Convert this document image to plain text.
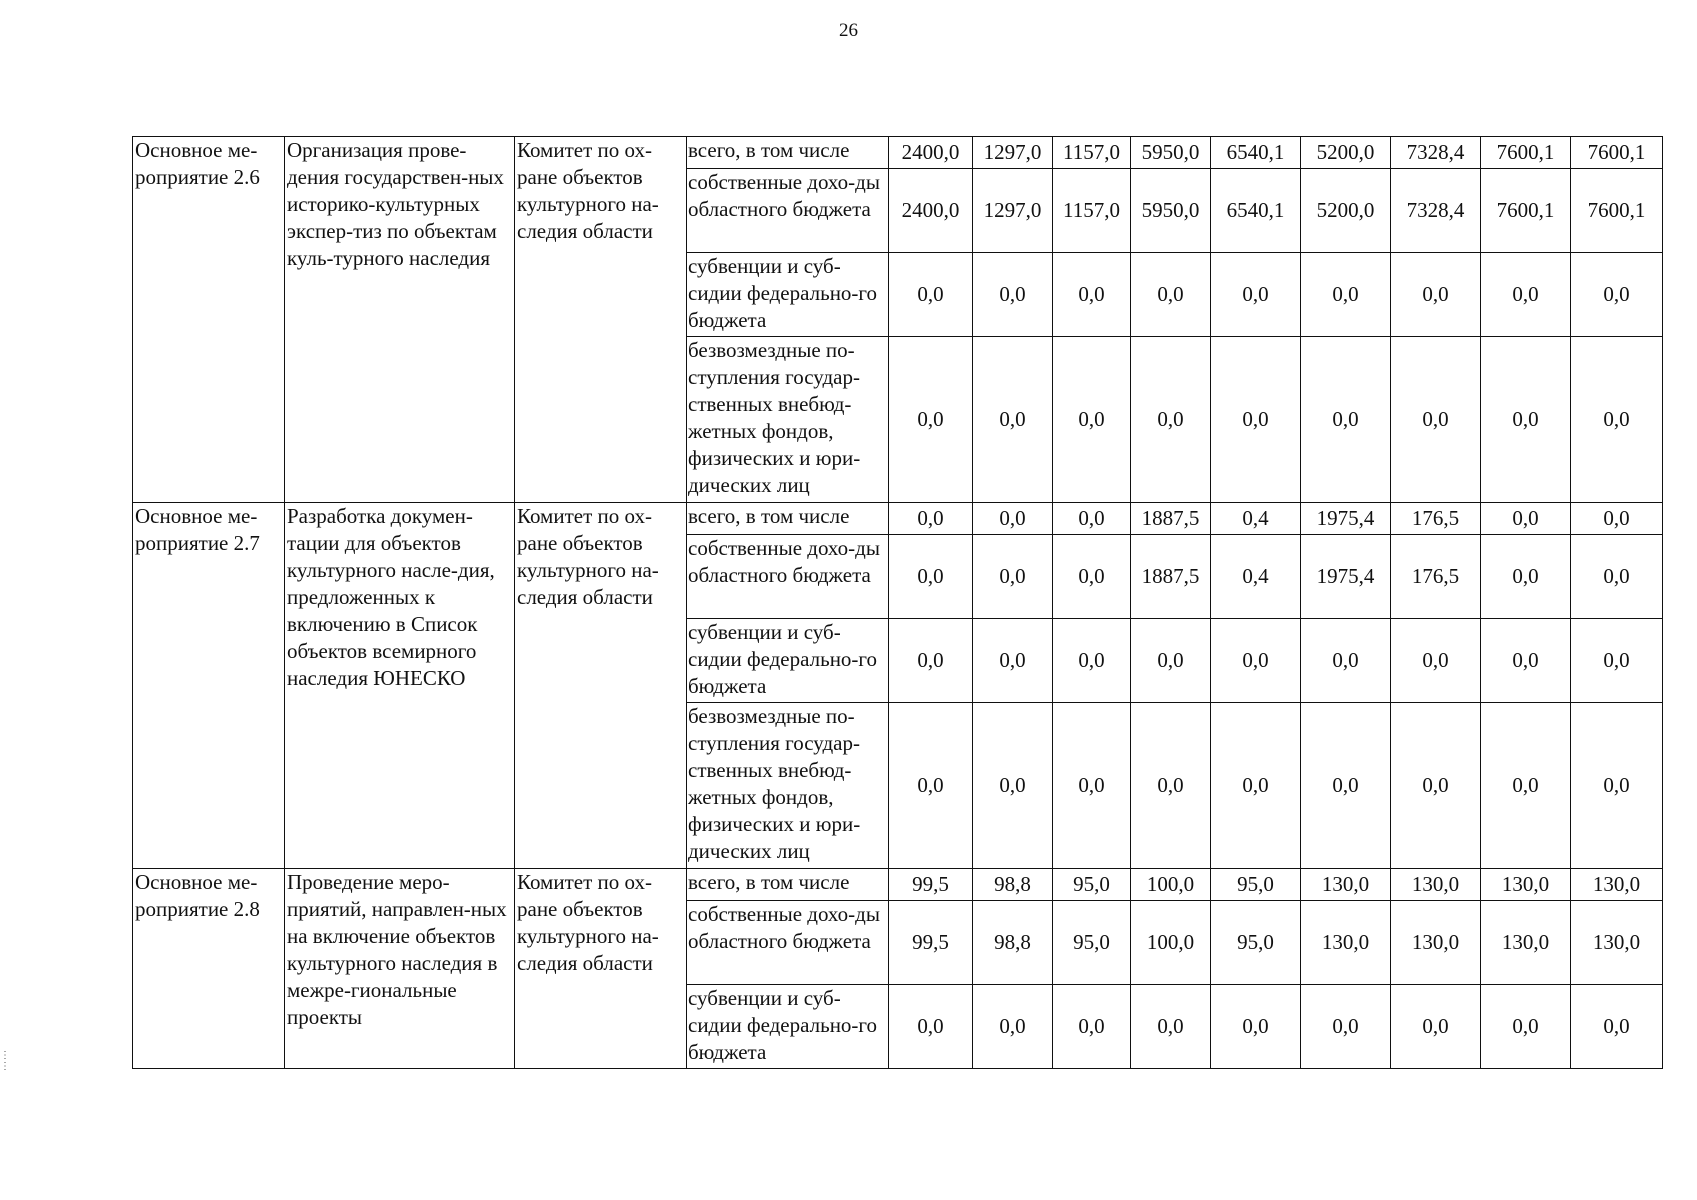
26
Основное ме-роприятие 2.6	Организация прове-дения государствен-ных историко-культурных экспер-тиз по объектам куль-турного наследия	Комитет по ох-ране объектов культурного на-следия области	всего, в том числе	2400,0	1297,0	1157,0	5950,0	6540,1	5200,0	7328,4	7600,1	7600,1
			собственные дохо-ды областного бюджета	2400,0	1297,0	1157,0	5950,0	6540,1	5200,0	7328,4	7600,1	7600,1
			субвенции и суб-сидии федерально-го бюджета	0,0	0,0	0,0	0,0	0,0	0,0	0,0	0,0	0,0
			безвозмездные по-ступления государ-ственных внебюд-жетных фондов, физических и юри-дических лиц	0,0	0,0	0,0	0,0	0,0	0,0	0,0	0,0	0,0
Основное ме-роприятие 2.7	Разработка докумен-тации для объектов культурного насле-дия, предложенных к включению в Список объектов всемирного наследия ЮНЕСКО	Комитет по ох-ране объектов культурного на-следия области	всего, в том числе	0,0	0,0	0,0	1887,5	0,4	1975,4	176,5	0,0	0,0
			собственные дохо-ды областного бюджета	0,0	0,0	0,0	1887,5	0,4	1975,4	176,5	0,0	0,0
			субвенции и суб-сидии федерально-го бюджета	0,0	0,0	0,0	0,0	0,0	0,0	0,0	0,0	0,0
			безвозмездные по-ступления государ-ственных внебюд-жетных фондов, физических и юри-дических лиц	0,0	0,0	0,0	0,0	0,0	0,0	0,0	0,0	0,0
Основное ме-роприятие 2.8	Проведение меро-приятий, направлен-ных на включение объектов культурного наследия в межре-гиональные проекты	Комитет по ох-ране объектов культурного на-следия области	всего, в том числе	99,5	98,8	95,0	100,0	95,0	130,0	130,0	130,0	130,0
			собственные дохо-ды областного бюджета	99,5	98,8	95,0	100,0	95,0	130,0	130,0	130,0	130,0
			субвенции и суб-сидии федерально-го бюджета	0,0	0,0	0,0	0,0	0,0	0,0	0,0	0,0	0,0
⋮
⋮
